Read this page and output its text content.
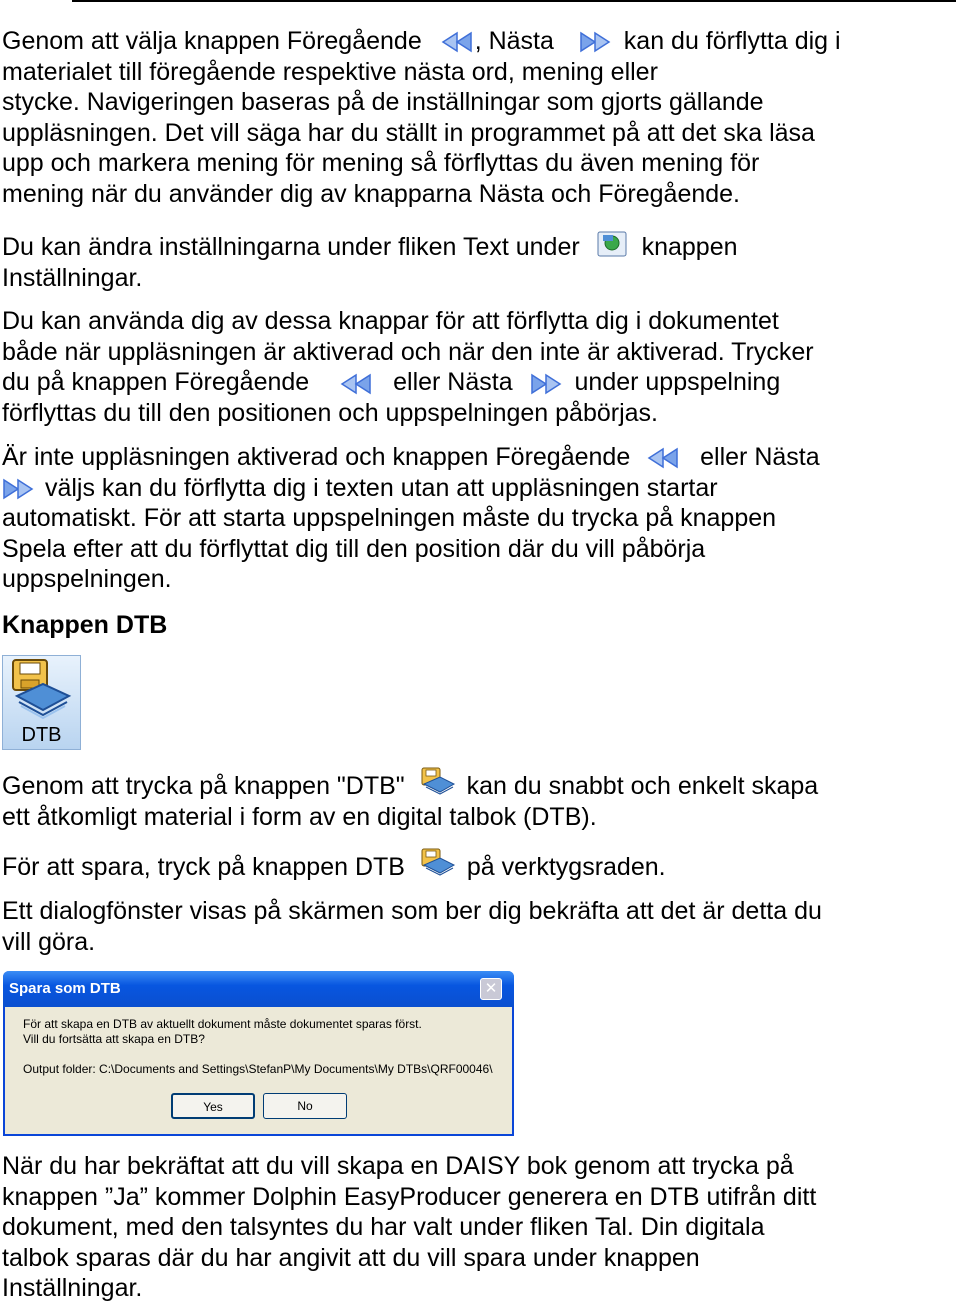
Genom att välja knappen Föregående , Nästa	kan du förflytta dig i
materialet till föregående respektive nästa ord, mening eller
stycke. Navigeringen baseras på de inställningar som gjorts gällande
uppläsningen. Det vill säga har du ställt in programmet på att det ska läsa
upp och markera mening för mening så förflyttas du även mening för
mening när du använder dig av knapparna Nästa och Föregående.
Du kan ändra inställningarna under fliken Text under knappen
Inställningar.
Du kan använda dig av dessa knappar för att förflytta dig i dokumentet
både när uppläsningen är aktiverad och när den inte är aktiverad. Trycker
du på knappen Föregående	eller Nästa under uppspelning
förflyttas du till den positionen och uppspelningen påbörjas.
Är inte uppläsningen aktiverad och knappen Föregående	eller Nästa
väljs kan du förflytta dig i texten utan att uppläsningen startar
automatiskt. För att starta uppspelningen måste du trycka på knappen
Spela efter att du förflyttat dig till den position där du vill påbörja
uppspelningen.
Knappen DTB
DTB
Genom att trycka på knappen "DTB" kan du snabbt och enkelt skapa
ett åtkomligt material i form av en digital talbok (DTB).
För att spara, tryck på knappen DTB på verktygsraden.
Ett dialogfönster visas på skärmen som ber dig bekräfta att det är detta du
vill göra.
Spara som DTB	✕
För att skapa en DTB av aktuellt dokument måste dokumentet sparas först.
Vill du fortsätta att skapa en DTB?
Output folder: C:\Documents and Settings\StefanP\My Documents\My DTBs\QRF00046\
Yes	No
När du har bekräftat att du vill skapa en DAISY bok genom att trycka på
knappen ”Ja” kommer Dolphin EasyProducer generera en DTB utifrån ditt
dokument, med den talsyntes du har valt under fliken Tal. Din digitala
talbok sparas där du har angivit att du vill spara under knappen
Inställningar.
